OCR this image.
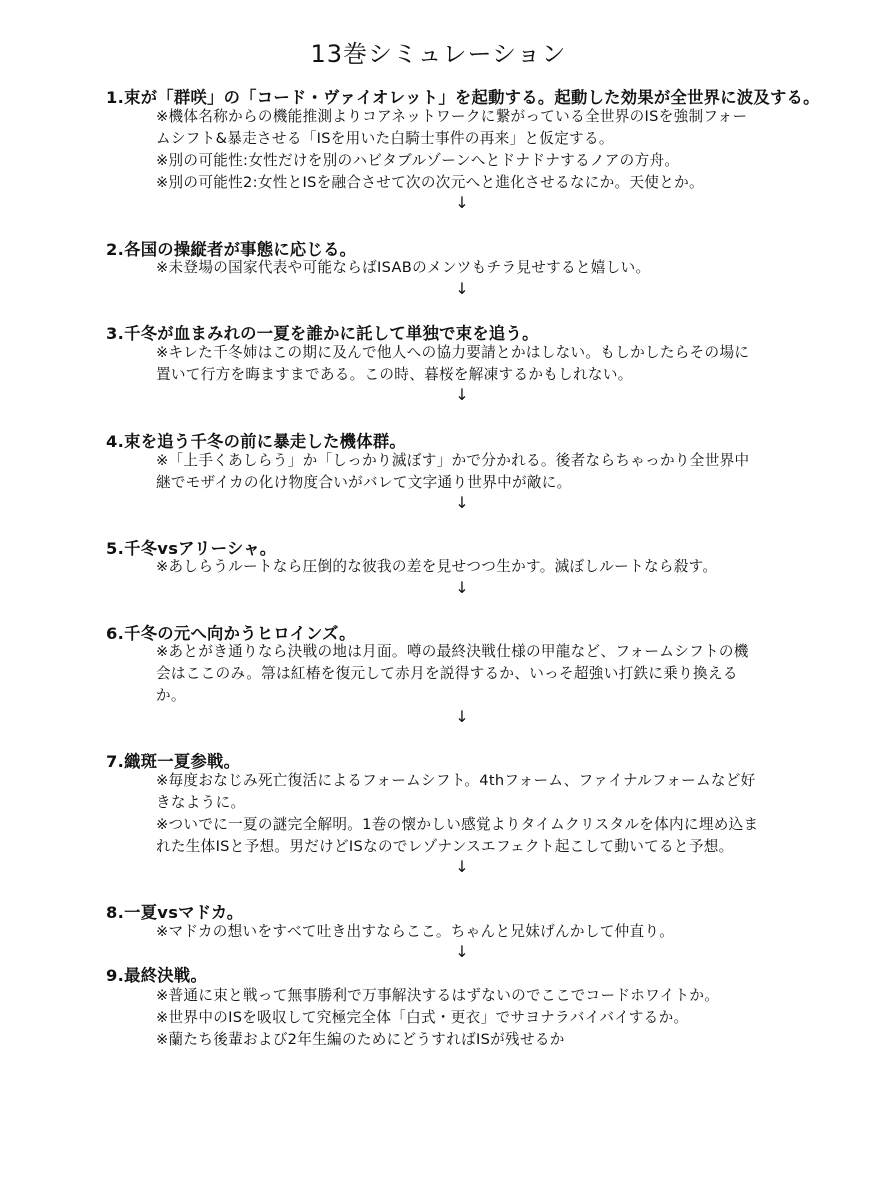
13巻シミュレーション
1.束が「群咲」の「コード・ヴァイオレット」を起動する。起動した効果が全世界に波及する。
※機体名称からの機能推測よりコアネットワークに繋がっている全世界のISを強制フォー
ムシフト&暴走させる「ISを用いた白騎士事件の再来」と仮定する。
※別の可能性:女性だけを別のハビタブルゾーンへとドナドナするノアの方舟。
※別の可能性2:女性とISを融合させて次の次元へと進化させるなにか。天使とか。
↓
2.各国の操縦者が事態に応じる。
※未登場の国家代表や可能ならばISABのメンツもチラ見せすると嬉しい。
↓
3.千冬が血まみれの一夏を誰かに託して単独で束を追う。
※キレた千冬姉はこの期に及んで他人への協力要請とかはしない。もしかしたらその場に
置いて行方を晦ますまである。この時、暮桜を解凍するかもしれない。
↓
4.束を追う千冬の前に暴走した機体群。
※「上手くあしらう」か「しっかり滅ぼす」かで分かれる。後者ならちゃっかり全世界中
継でモザイカの化け物度合いがバレて文字通り世界中が敵に。
↓
5.千冬vsアリーシャ。
※あしらうルートなら圧倒的な彼我の差を見せつつ生かす。滅ぼしルートなら殺す。
↓
6.千冬の元へ向かうヒロインズ。
※あとがき通りなら決戦の地は月面。噂の最終決戦仕様の甲龍など、フォームシフトの機
会はここのみ。箒は紅椿を復元して赤月を説得するか、いっそ超強い打鉄に乗り換える
か。
↓
7.織斑一夏参戦。
※毎度おなじみ死亡復活によるフォームシフト。4thフォーム、ファイナルフォームなど好
きなように。
※ついでに一夏の謎完全解明。1巻の懐かしい感覚よりタイムクリスタルを体内に埋め込ま
れた生体ISと予想。男だけどISなのでレゾナンスエフェクト起こして動いてると予想。
↓
8.一夏vsマドカ。
※マドカの想いをすべて吐き出すならここ。ちゃんと兄妹げんかして仲直り。
↓
9.最終決戦。
※普通に束と戦って無事勝利で万事解決するはずないのでここでコードホワイトか。
※世界中のISを吸収して究極完全体「白式・更衣」でサヨナラバイバイするか。
※蘭たち後輩および2年生編のためにどうすればISが残せるか
